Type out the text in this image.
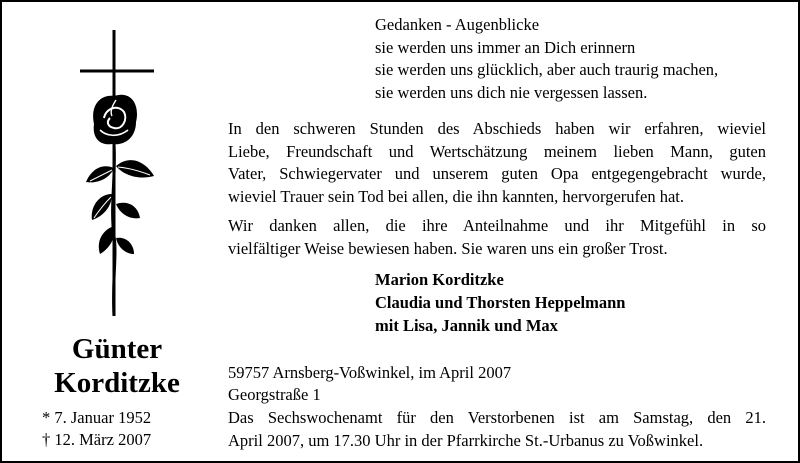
Gedanken - Augenblicke
sie werden uns immer an Dich erinnern
sie werden uns glücklich, aber auch traurig machen,
sie werden uns dich nie vergessen lassen.
In den schweren Stunden des Abschieds haben wir erfahren, wieviel
Liebe, Freundschaft und Wertschätzung meinem lieben Mann, guten
Vater, Schwiegervater und unserem guten Opa entgegengebracht wurde,
wieviel Trauer sein Tod bei allen, die ihn kannten, hervorgerufen hat.
Wir danken allen, die ihre Anteilnahme und ihr Mitgefühl in so
vielfältiger Weise bewiesen haben. Sie waren uns ein großer Trost.
Marion Korditzke
Claudia und Thorsten Heppelmann
mit Lisa, Jannik und Max
59757 Arnsberg-Voßwinkel, im April 2007
Georgstraße 1
Das Sechswochenamt für den Verstorbenen ist am Samstag, den 21.
April 2007, um 17.30 Uhr in der Pfarrkirche St.-Urbanus zu Voßwinkel.
Günter
Korditzke
* 7. Januar 1952
† 12. März 2007
